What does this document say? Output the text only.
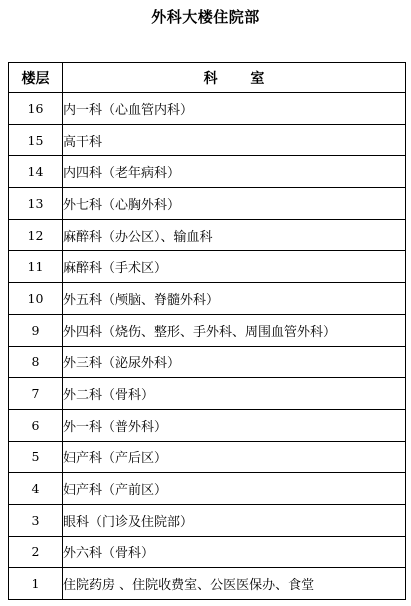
外科大楼住院部
楼层	科 室
16	内一科（心血管内科）
15	高干科
14	内四科（老年病科）
13	外七科（心胸外科）
12	麻醉科（办公区）、输血科
11	麻醉科（手术区）
10	外五科（颅脑、脊髓外科）
9	外四科（烧伤、整形、手外科、周围血管外科）
8	外三科（泌尿外科）
7	外二科（骨科）
6	外一科（普外科）
5	妇产科（产后区）
4	妇产科（产前区）
3	眼科（门诊及住院部）
2	外六科（骨科）
1	住院药房 、住院收费室、公医医保办、食堂
